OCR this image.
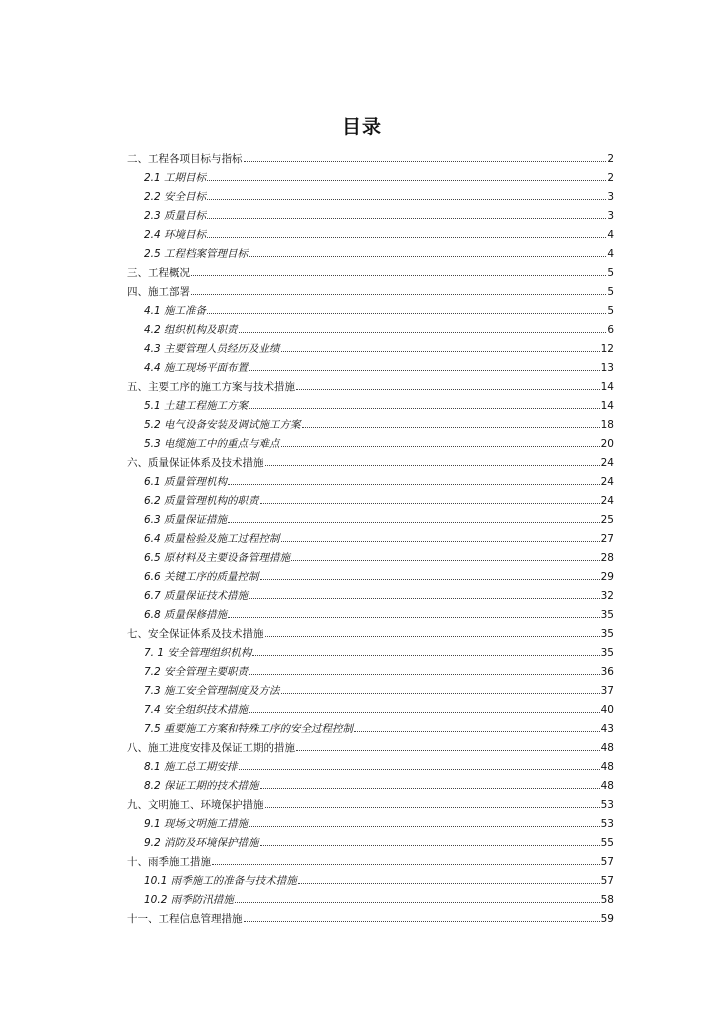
目录
二、工程各项目标与指标	2
2.1 工期目标	2
2.2 安全目标	3
2.3 质量目标	3
2.4 环境目标	4
2.5 工程档案管理目标	4
三、工程概况	5
四、施工部署	5
4.1 施工准备	5
4.2 组织机构及职责	6
4.3 主要管理人员经历及业绩	12
4.4 施工现场平面布置	13
五、主要工序的施工方案与技术措施	14
5.1 土建工程施工方案	14
5.2 电气设备安装及调试施工方案	18
5.3 电缆施工中的重点与难点	20
六、质量保证体系及技术措施	24
6.1 质量管理机构	24
6.2 质量管理机构的职责	24
6.3 质量保证措施	25
6.4 质量检验及施工过程控制	27
6.5 原材料及主要设备管理措施	28
6.6 关键工序的质量控制	29
6.7 质量保证技术措施	32
6.8 质量保修措施	35
七、安全保证体系及技术措施	35
7. 1 安全管理组织机构	35
7.2 安全管理主要职责	36
7.3 施工安全管理制度及方法	37
7.4 安全组织技术措施	40
7.5 重要施工方案和特殊工序的安全过程控制	43
八、施工进度安排及保证工期的措施	48
8.1 施工总工期安排	48
8.2 保证工期的技术措施	48
九、文明施工、环境保护措施	53
9.1 现场文明施工措施	53
9.2 消防及环境保护措施	55
十、雨季施工措施	57
10.1 雨季施工的准备与技术措施	57
10.2 雨季防汛措施	58
十一、工程信息管理措施	59
